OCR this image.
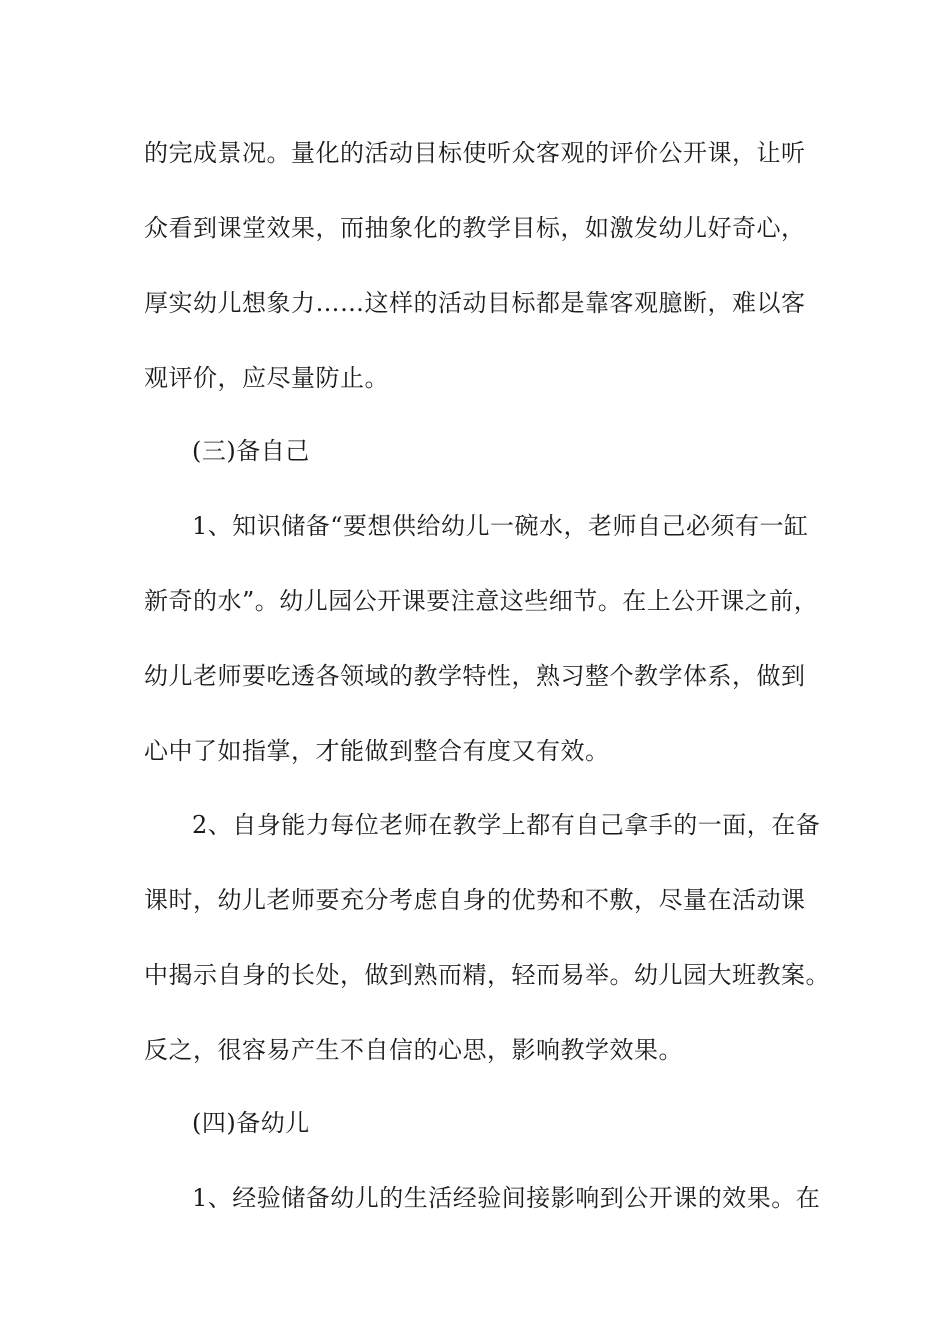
的完成景况。量化的活动目标使听众客观的评价公开课，让听
众看到课堂效果，而抽象化的教学目标，如激发幼儿好奇心，
厚实幼儿想象力……这样的活动目标都是靠客观臆断，难以客
观评价，应尽量防止。
(三)备自己
1、知识储备“要想供给幼儿一碗水，老师自己必须有一缸
新奇的水”。幼儿园公开课要注意这些细节。在上公开课之前，
幼儿老师要吃透各领域的教学特性，熟习整个教学体系，做到
心中了如指掌，才能做到整合有度又有效。
2、自身能力每位老师在教学上都有自己拿手的一面，在备
课时，幼儿老师要充分考虑自身的优势和不敷，尽量在活动课
中揭示自身的长处，做到熟而精，轻而易举。幼儿园大班教案。
反之，很容易产生不自信的心思，影响教学效果。
(四)备幼儿
1、经验储备幼儿的生活经验间接影响到公开课的效果。在
